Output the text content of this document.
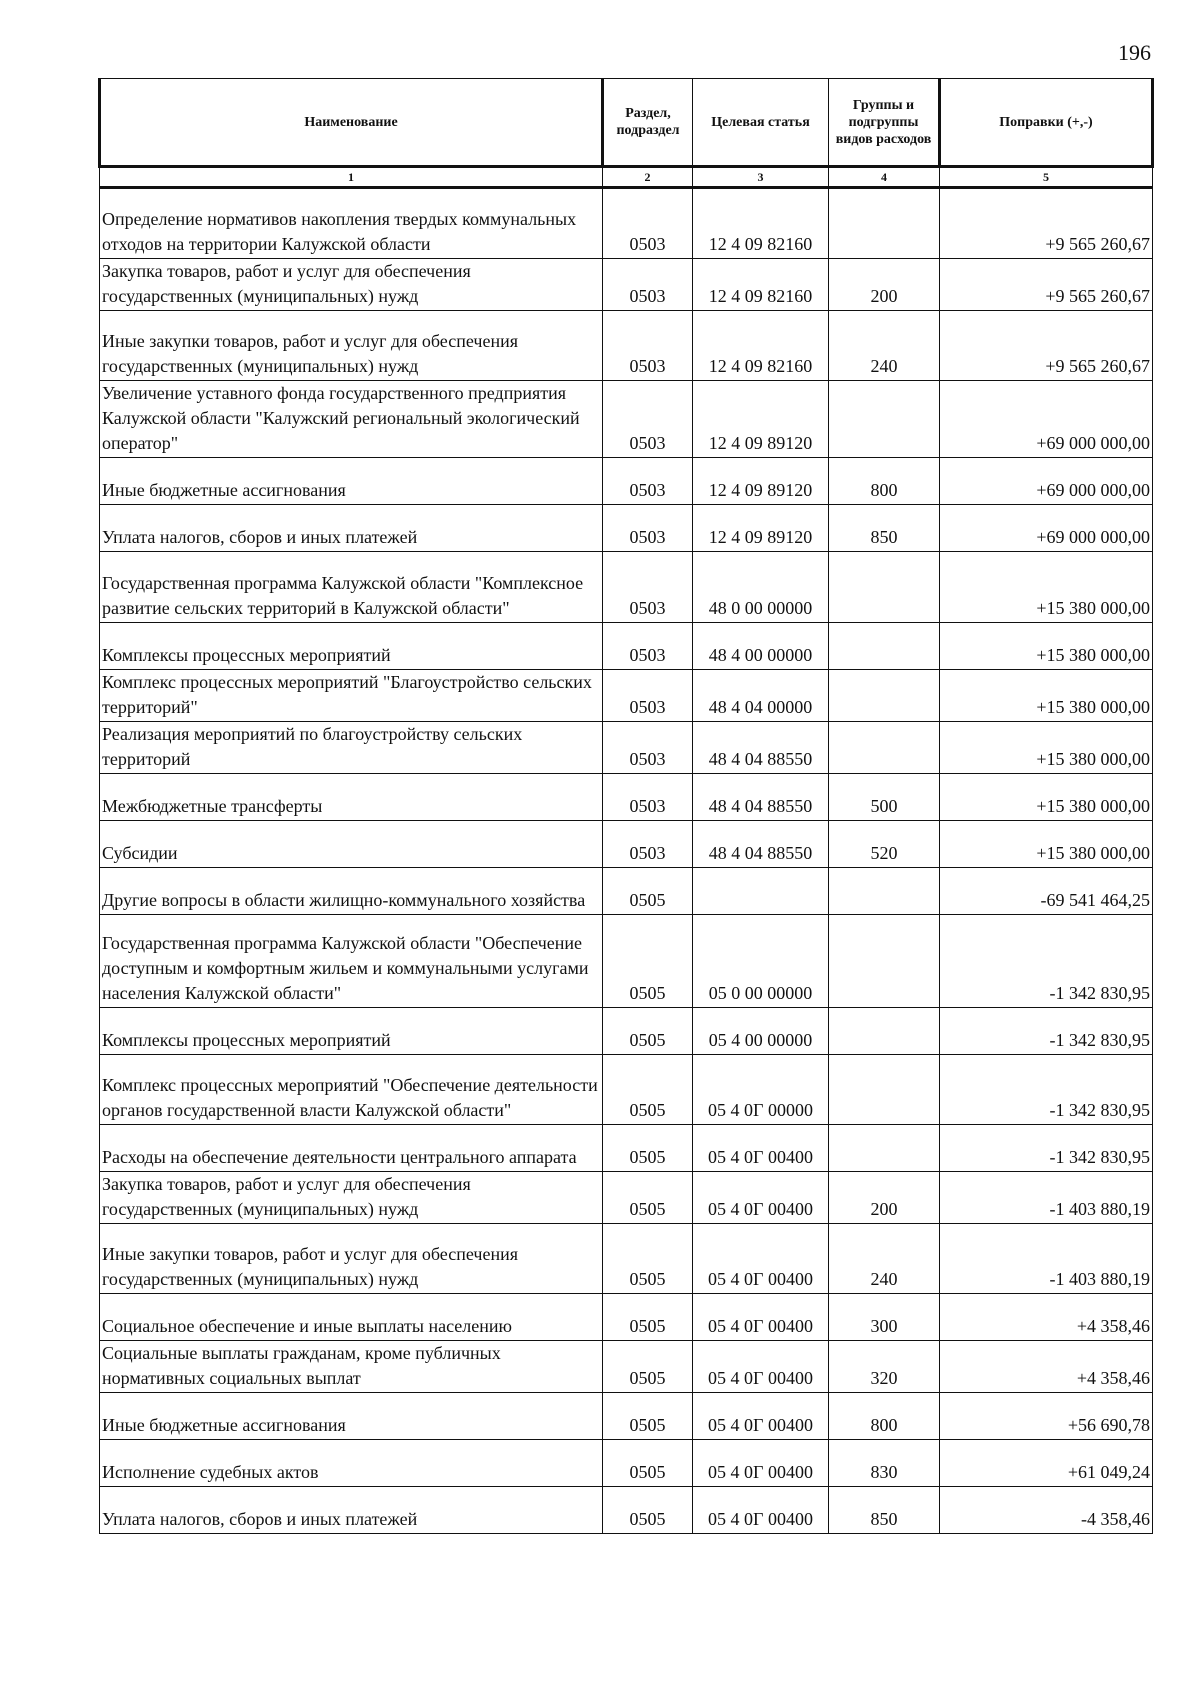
196
Наименование	Раздел, подраздел	Целевая статья	Группы и подгруппы видов расходов	Поправки (+,-)
1	2	3	4	5
Определение нормативов накопления твердых коммунальных отходов на территории Калужской области	0503	12 4 09 82160		+9 565 260,67
Закупка товаров, работ и услуг для обеспечения государственных (муниципальных) нужд	0503	12 4 09 82160	200	+9 565 260,67
Иные закупки товаров, работ и услуг для обеспечения государственных (муниципальных) нужд	0503	12 4 09 82160	240	+9 565 260,67
Увеличение уставного фонда государственного предприятия Калужской области "Калужский региональный экологический оператор"	0503	12 4 09 89120		+69 000 000,00
Иные бюджетные ассигнования	0503	12 4 09 89120	800	+69 000 000,00
Уплата налогов, сборов и иных платежей	0503	12 4 09 89120	850	+69 000 000,00
Государственная программа Калужской области "Комплексное развитие сельских территорий в Калужской области"	0503	48 0 00 00000		+15 380 000,00
Комплексы процессных мероприятий	0503	48 4 00 00000		+15 380 000,00
Комплекс процессных мероприятий "Благоустройство сельских территорий"	0503	48 4 04 00000		+15 380 000,00
Реализация мероприятий по благоустройству сельских территорий	0503	48 4 04 88550		+15 380 000,00
Межбюджетные трансферты	0503	48 4 04 88550	500	+15 380 000,00
Субсидии	0503	48 4 04 88550	520	+15 380 000,00
Другие вопросы в области жилищно-коммунального хозяйства	0505			-69 541 464,25
Государственная программа Калужской области "Обеспечение доступным и комфортным жильем и коммунальными услугами населения Калужской области"	0505	05 0 00 00000		-1 342 830,95
Комплексы процессных мероприятий	0505	05 4 00 00000		-1 342 830,95
Комплекс процессных мероприятий "Обеспечение деятельности органов государственной власти Калужской области"	0505	05 4 0Г 00000		-1 342 830,95
Расходы на обеспечение деятельности центрального аппарата	0505	05 4 0Г 00400		-1 342 830,95
Закупка товаров, работ и услуг для обеспечения государственных (муниципальных) нужд	0505	05 4 0Г 00400	200	-1 403 880,19
Иные закупки товаров, работ и услуг для обеспечения государственных (муниципальных) нужд	0505	05 4 0Г 00400	240	-1 403 880,19
Социальное обеспечение и иные выплаты населению	0505	05 4 0Г 00400	300	+4 358,46
Социальные выплаты гражданам, кроме публичных нормативных социальных выплат	0505	05 4 0Г 00400	320	+4 358,46
Иные бюджетные ассигнования	0505	05 4 0Г 00400	800	+56 690,78
Исполнение судебных актов	0505	05 4 0Г 00400	830	+61 049,24
Уплата налогов, сборов и иных платежей	0505	05 4 0Г 00400	850	-4 358,46
